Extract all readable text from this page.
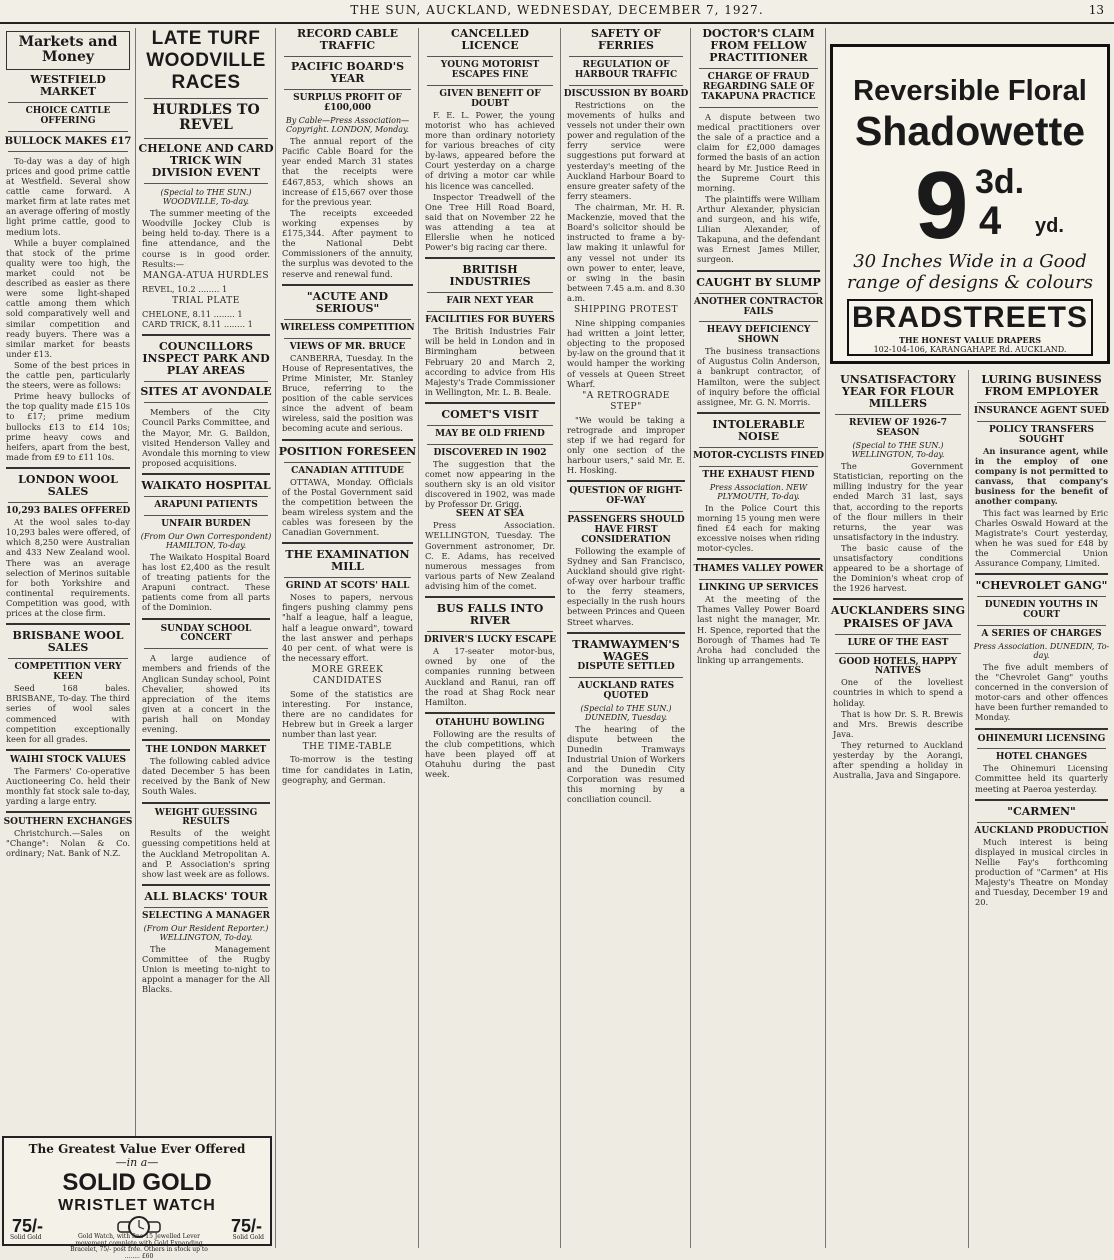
THE SUN, AUCKLAND, WEDNESDAY, DECEMBER 7, 1927.	13
Markets and Money
WESTFIELD MARKET
CHOICE CATTLE OFFERING
BULLOCK MAKES £17

To-day was a day of high prices and good prime cattle at Westfield. Several show cattle came forward. A market firm at late rates met an average offering of mostly light prime cattle, good to medium lots.

While a buyer complained that stock of the prime quality were too high, the market could not be described as easier as there were some light-shaped cattle among them which sold comparatively well and similar competition and ready buyers. There was a similar market for beasts under £13.

Some of the best prices in the cattle pen, particularly the steers, were as follows:

Prime heavy bullocks of the top quality made £15 10s to £17; prime medium bullocks £13 to £14 10s; prime heavy cows and heifers, apart from the best, made from £9 to £11 10s.

LONDON WOOL SALES
10,293 BALES OFFERED

At the wool sales to-day 10,293 bales were offered, of which 8,250 were Australian and 433 New Zealand wool. There was an average selection of Merinos suitable for both Yorkshire and continental requirements. Competition was good, with prices at the close firm.

BRISBANE WOOL SALES
COMPETITION VERY KEEN

Seed 168 bales. BRISBANE, To-day. The third series of wool sales commenced with competition exceptionally keen for all grades.

WAIHI STOCK VALUES

The Farmers' Co-operative Auctioneering Co. held their monthly fat stock sale to-day, yarding a large entry.

SOUTHERN EXCHANGES

Christchurch.—Sales on "Change": Nolan & Co. ordinary; Nat. Bank of N.Z.

The Greatest Value Ever Offered
—in a—
SOLID GOLD
WRISTLET WATCH
75/-	75/-
Gold Watch, with fine 15 Jewelled Lever movement complete with Gold Expanding Bracelet, 75/- post free. Others in stock up to ........ £60
Solid Gold	Solid Gold
LATE TURF
WOODVILLE RACES
HURDLES TO REVEL
CHELONE AND CARD TRICK WIN DIVISION EVENT
(Special to THE SUN.) WOODVILLE, To-day.

The summer meeting of the Woodville Jockey Club is being held to-day. There is a fine attendance, and the course is in good order. Results:—

MANGA-ATUA HURDLES
REVEL, 10.2 ........ 1
TRIAL PLATE
CHELONE, 8.11 ........ 1
CARD TRICK, 8.11 ........ 1
COUNCILLORS INSPECT PARK AND PLAY AREAS
SITES AT AVONDALE

Members of the City Council Parks Committee, and the Mayor, Mr. G. Baildon, visited Henderson Valley and Avondale this morning to view proposed acquisitions.

WAIKATO HOSPITAL
ARAPUNI PATIENTS
UNFAIR BURDEN
(From Our Own Correspondent) HAMILTON, To-day.

The Waikato Hospital Board has lost £2,400 as the result of treating patients for the Arapuni contract. These patients come from all parts of the Dominion.

SUNDAY SCHOOL CONCERT

A large audience of members and friends of the Anglican Sunday school, Point Chevalier, showed its appreciation of the items given at a concert in the parish hall on Monday evening.

THE LONDON MARKET

The following cabled advice dated December 5 has been received by the Bank of New South Wales.

WEIGHT GUESSING RESULTS

Results of the weight guessing competitions held at the Auckland Metropolitan A. and P. Association's spring show last week are as follows.

ALL BLACKS' TOUR
SELECTING A MANAGER
(From Our Resident Reporter.) WELLINGTON, To-day.

The Management Committee of the Rugby Union is meeting to-night to appoint a manager for the All Blacks.

RECORD CABLE TRAFFIC
PACIFIC BOARD'S YEAR
SURPLUS PROFIT OF £100,000
By Cable—Press Association—Copyright. LONDON, Monday.

The annual report of the Pacific Cable Board for the year ended March 31 states that the receipts were £467,853, which shows an increase of £15,667 over those for the previous year.

The receipts exceeded working expenses by £175,344. After payment to the National Debt Commissioners of the annuity, the surplus was devoted to the reserve and renewal fund.

"ACUTE AND SERIOUS"
WIRELESS COMPETITION
VIEWS OF MR. BRUCE

CANBERRA, Tuesday. In the House of Representatives, the Prime Minister, Mr. Stanley Bruce, referring to the position of the cable services since the advent of beam wireless, said the position was becoming acute and serious.

POSITION FORESEEN
CANADIAN ATTITUDE

OTTAWA, Monday. Officials of the Postal Government said the competition between the beam wireless system and the cables was foreseen by the Canadian Government.

THE EXAMINATION MILL
GRIND AT SCOTS' HALL

Noses to papers, nervous fingers pushing clammy pens "half a league, half a league, half a league onward", toward the last answer and perhaps 40 per cent. of what were is the necessary effort.

MORE GREEK CANDIDATES

Some of the statistics are interesting. For instance, there are no candidates for Hebrew but in Greek a larger number than last year.

THE TIME-TABLE

To-morrow is the testing time for candidates in Latin, geography, and German.

CANCELLED LICENCE
YOUNG MOTORIST ESCAPES FINE
GIVEN BENEFIT OF DOUBT

F. E. L. Power, the young motorist who has achieved more than ordinary notoriety for various breaches of city by-laws, appeared before the Court yesterday on a charge of driving a motor car while his licence was cancelled.

Inspector Treadwell of the One Tree Hill Road Board, said that on November 22 he was attending a tea at Ellerslie when he noticed Power's big racing car there.

BRITISH INDUSTRIES
FAIR NEXT YEAR
FACILITIES FOR BUYERS

The British Industries Fair will be held in London and in Birmingham between February 20 and March 2, according to advice from His Majesty's Trade Commissioner in Wellington, Mr. L. B. Beale.

COMET'S VISIT
MAY BE OLD FRIEND
DISCOVERED IN 1902

The suggestion that the comet now appearing in the southern sky is an old visitor discovered in 1902, was made by Professor Dr. Grigg.

SEEN AT SEA

Press Association. WELLINGTON, Tuesday. The Government astronomer, Dr. C. E. Adams, has received numerous messages from various parts of New Zealand advising him of the comet.

BUS FALLS INTO RIVER
DRIVER'S LUCKY ESCAPE

A 17-seater motor-bus, owned by one of the companies running between Auckland and Ranui, ran off the road at Shag Rock near Hamilton.

OTAHUHU BOWLING

Following are the results of the club competitions, which have been played off at Otahuhu during the past week.

SAFETY OF FERRIES
REGULATION OF HARBOUR TRAFFIC
DISCUSSION BY BOARD

Restrictions on the movements of hulks and vessels not under their own power and regulation of the ferry service were suggestions put forward at yesterday's meeting of the Auckland Harbour Board to ensure greater safety of the ferry steamers.

The chairman, Mr. H. R. Mackenzie, moved that the Board's solicitor should be instructed to frame a by-law making it unlawful for any vessel not under its own power to enter, leave, or swing in the basin between 7.45 a.m. and 8.30 a.m.

SHIPPING PROTEST

Nine shipping companies had written a joint letter, objecting to the proposed by-law on the ground that it would hamper the working of vessels at Queen Street Wharf.

"A RETROGRADE STEP"

"We would be taking a retrograde and improper step if we had regard for only one section of the harbour users," said Mr. E. H. Hosking.

QUESTION OF RIGHT-OF-WAY
PASSENGERS SHOULD HAVE FIRST CONSIDERATION

Following the example of Sydney and San Francisco, Auckland should give right-of-way over harbour traffic to the ferry steamers, especially in the rush hours between Princes and Queen Street wharves.

TRAMWAYMEN'S WAGES
DISPUTE SETTLED
AUCKLAND RATES QUOTED
(Special to THE SUN.) DUNEDIN, Tuesday.

The hearing of the dispute between the Dunedin Tramways Industrial Union of Workers and the Dunedin City Corporation was resumed this morning by a conciliation council.

DOCTOR'S CLAIM FROM FELLOW PRACTITIONER
CHARGE OF FRAUD REGARDING SALE OF TAKAPUNA PRACTICE

A dispute between two medical practitioners over the sale of a practice and a claim for £2,000 damages formed the basis of an action heard by Mr. Justice Reed in the Supreme Court this morning.

The plaintiffs were William Arthur Alexander, physician and surgeon, and his wife, Lilian Alexander, of Takapuna, and the defendant was Ernest James Miller, surgeon.

CAUGHT BY SLUMP
ANOTHER CONTRACTOR FAILS
HEAVY DEFICIENCY SHOWN

The business transactions of Augustus Colin Anderson, a bankrupt contractor, of Hamilton, were the subject of inquiry before the official assignee, Mr. G. N. Morris.

INTOLERABLE NOISE
MOTOR-CYCLISTS FINED
THE EXHAUST FIEND
Press Association. NEW PLYMOUTH, To-day.

In the Police Court this morning 15 young men were fined £4 each for making excessive noises when riding motor-cycles.

THAMES VALLEY POWER
LINKING UP SERVICES

At the meeting of the Thames Valley Power Board last night the manager, Mr. H. Spence, reported that the Borough of Thames had Te Aroha had concluded the linking up arrangements.

Reversible Floral
Shadowette
9 3d.
4 yd.
30 Inches Wide in a Good range of designs & colours
BRADSTREETS
THE HONEST VALUE DRAPERS
102-104-106, KARANGAHAPE Rd. AUCKLAND.
UNSATISFACTORY YEAR FOR FLOUR MILLERS
REVIEW OF 1926-7 SEASON
(Special to THE SUN.) WELLINGTON, To-day.

The Government Statistician, reporting on the milling industry for the year ended March 31 last, says that, according to the reports of the flour millers in their returns, the year was unsatisfactory in the industry.

The basic cause of the unsatisfactory conditions appeared to be a shortage of the Dominion's wheat crop of the 1926 harvest.

AUCKLANDERS SING PRAISES OF JAVA
LURE OF THE EAST
GOOD HOTELS, HAPPY NATIVES

One of the loveliest countries in which to spend a holiday.

That is how Dr. S. R. Brewis and Mrs. Brewis describe Java.

They returned to Auckland yesterday by the Aorangi, after spending a holiday in Australia, Java and Singapore.

LURING BUSINESS FROM EMPLOYER
INSURANCE AGENT SUED
POLICY TRANSFERS SOUGHT

An insurance agent, while in the employ of one company is not permitted to canvass, that company's business for the benefit of another company.

This fact was learned by Eric Charles Oswald Howard at the Magistrate's Court yesterday, when he was sued for £48 by the Commercial Union Assurance Company, Limited.

"CHEVROLET GANG"
DUNEDIN YOUTHS IN COURT
A SERIES OF CHARGES
Press Association. DUNEDIN, To-day.

The five adult members of the "Chevrolet Gang" youths concerned in the conversion of motor-cars and other offences have been further remanded to Monday.

OHINEMURI LICENSING
HOTEL CHANGES

The Ohinemuri Licensing Committee held its quarterly meeting at Paeroa yesterday.

"CARMEN"
AUCKLAND PRODUCTION

Much interest is being displayed in musical circles in Nellie Fay's forthcoming production of "Carmen" at His Majesty's Theatre on Monday and Tuesday, December 19 and 20.
